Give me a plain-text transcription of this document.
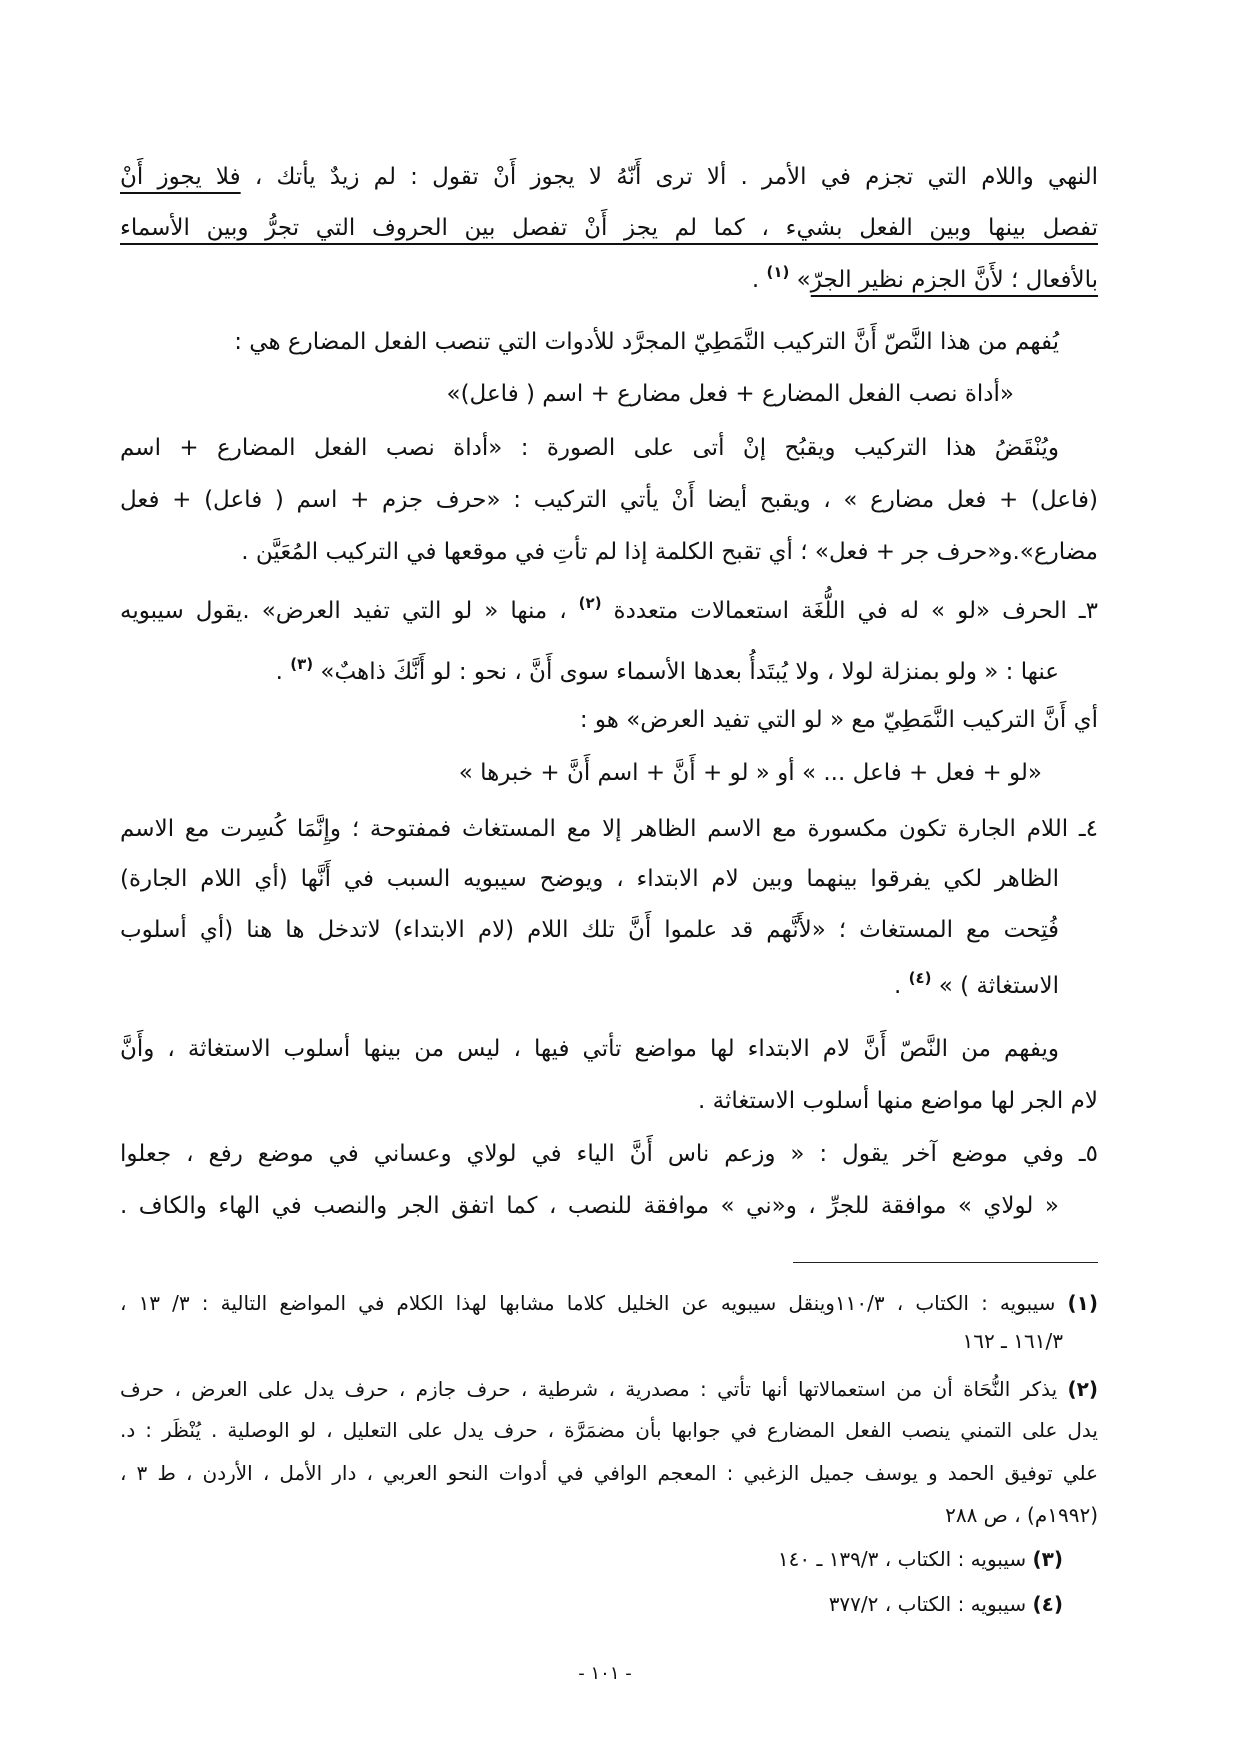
النهي واللام التي تجزم في الأمر . ألا ترى أَنّهُ لا يجوز أَنْ تقول : لم زيدٌ يأتك ، فلا يجوز أَنْ
تفصل بينها وبين الفعل بشيء ، كما لم يجز أَنْ تفصل بين الحروف التي تجرُّ وبين الأسماء
بالأفعال ؛ لأَنَّ الجزم نظير الجرّ» $^{(١)}$ .
يُفهم من هذا النَّصّ أَنَّ التركيب النَّمَطِيّ المجرَّد للأدوات التي تنصب الفعل المضارع هي :
«أداة نصب الفعل المضارع + فعل مضارع + اسم ( فاعل)»
ويُنْقَضُ هذا التركيب ويقبُح إنْ أتى على الصورة : «أداة نصب الفعل المضارع + اسم
(فاعل) + فعل مضارع » ، ويقبح أيضا أَنْ يأتي التركيب : «حرف جزم + اسم ( فاعل) + فعل
مضارع».و«حرف جر + فعل» ؛ أي تقبح الكلمة إذا لم تأتِ في موقعها في التركيب المُعَيَّن .
٣ـ الحرف «لو » له في اللُّغَة استعمالات متعددة $^{(٢)}$ ، منها « لو التي تفيد العرض» .يقول سيبويه
عنها : « ولو بمنزلة لولا ، ولا يُبتَدأُ بعدها الأسماء سوى أَنَّ ، نحو : لو أَنَّكَ ذاهبٌ» $^{(٣)}$ .
أي أَنَّ التركيب النَّمَطِيّ مع « لو التي تفيد العرض» هو :
«لو + فعل + فاعل ... » أو « لو + أَنَّ + اسم أَنَّ + خبرها »
٤ـ اللام الجارة تكون مكسورة مع الاسم الظاهر إلا مع المستغاث فمفتوحة ؛ وإِنَّمَا كُسِرت مع الاسم
الظاهر لكي يفرقوا بينهما وبين لام الابتداء ، ويوضح سيبويه السبب في أَنَّها (أي اللام الجارة)
فُتِحت مع المستغاث ؛ «لأَنَّهم قد علموا أَنَّ تلك اللام (لام الابتداء) لاتدخل ها هنا (أي أسلوب
الاستغاثة ) » $^{(٤)}$ .
ويفهم من النَّصّ أَنَّ لام الابتداء لها مواضع تأتي فيها ، ليس من بينها أسلوب الاستغاثة ، وأَنَّ
لام الجر لها مواضع منها أسلوب الاستغاثة .
٥ـ وفي موضع آخر يقول : « وزعم ناس أَنَّ الياء في لولاي وعساني في موضع رفع ، جعلوا
« لولاي » موافقة للجرِّ ، و«ني » موافقة للنصب ، كما اتفق الجر والنصب في الهاء والكاف .
(١) سيبويه : الكتاب ، ١١٠/٣وينقل سيبويه عن الخليل كلاما مشابها لهذا الكلام في المواضع التالية : ٣/ ١٣ ،
١٦١/٣ ـ ١٦٢
(٢) يذكر النُّحَاة أن من استعمالاتها أنها تأتي : مصدرية ، شرطية ، حرف جازم ، حرف يدل على العرض ، حرف
يدل على التمني ينصب الفعل المضارع في جوابها بأن مضمَرَّة ، حرف يدل على التعليل ، لو الوصلية . يُنْظَر : د.
علي توفيق الحمد و يوسف جميل الزغبي : المعجم الوافي في أدوات النحو العربي ، دار الأمل ، الأردن ، ط ٣ ،
(١٩٩٢م) ، ص ٢٨٨
(٣) سيبويه : الكتاب ، ١٣٩/٣ ـ ١٤٠
(٤) سيبويه : الكتاب ، ٣٧٧/٢
- ١٠١ -
